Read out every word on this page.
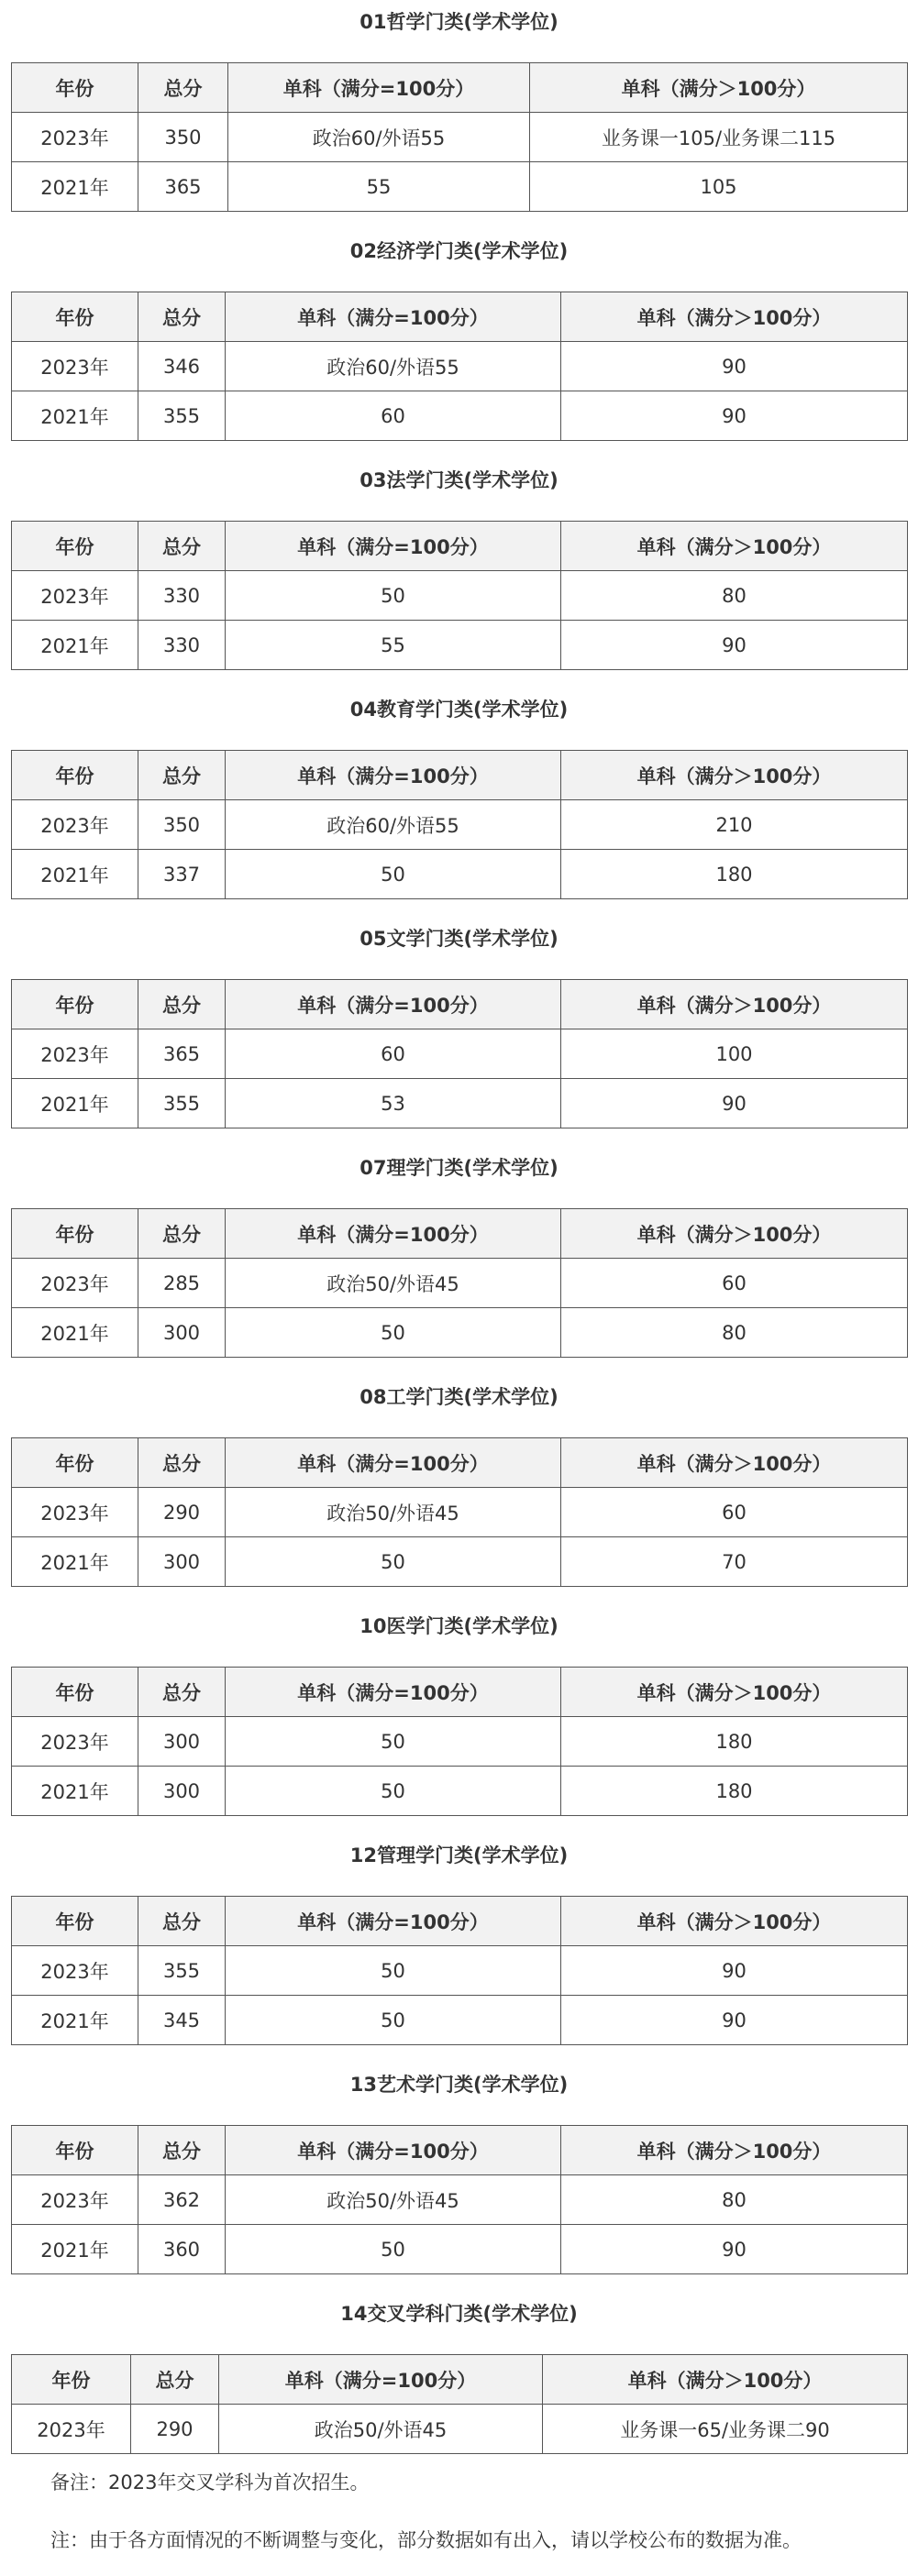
01哲学门类(学术学位)
年份	总分	单科（满分=100分）	单科（满分＞100分）
2023年	350	政治60/外语55	业务课一105/业务课二115
2021年	365	55	105
02经济学门类(学术学位)
年份	总分	单科（满分=100分）	单科（满分＞100分）
2023年	346	政治60/外语55	90
2021年	355	60	90
03法学门类(学术学位)
年份	总分	单科（满分=100分）	单科（满分＞100分）
2023年	330	50	80
2021年	330	55	90
04教育学门类(学术学位)
年份	总分	单科（满分=100分）	单科（满分＞100分）
2023年	350	政治60/外语55	210
2021年	337	50	180
05文学门类(学术学位)
年份	总分	单科（满分=100分）	单科（满分＞100分）
2023年	365	60	100
2021年	355	53	90
07理学门类(学术学位)
年份	总分	单科（满分=100分）	单科（满分＞100分）
2023年	285	政治50/外语45	60
2021年	300	50	80
08工学门类(学术学位)
年份	总分	单科（满分=100分）	单科（满分＞100分）
2023年	290	政治50/外语45	60
2021年	300	50	70
10医学门类(学术学位)
年份	总分	单科（满分=100分）	单科（满分＞100分）
2023年	300	50	180
2021年	300	50	180
12管理学门类(学术学位)
年份	总分	单科（满分=100分）	单科（满分＞100分）
2023年	355	50	90
2021年	345	50	90
13艺术学门类(学术学位)
年份	总分	单科（满分=100分）	单科（满分＞100分）
2023年	362	政治50/外语45	80
2021年	360	50	90
14交叉学科门类(学术学位)
年份	总分	单科（满分=100分）	单科（满分＞100分）
2023年	290	政治50/外语45	业务课一65/业务课二90
备注：2023年交叉学科为首次招生。
注：由于各方面情况的不断调整与变化，部分数据如有出入，请以学校公布的数据为准。
